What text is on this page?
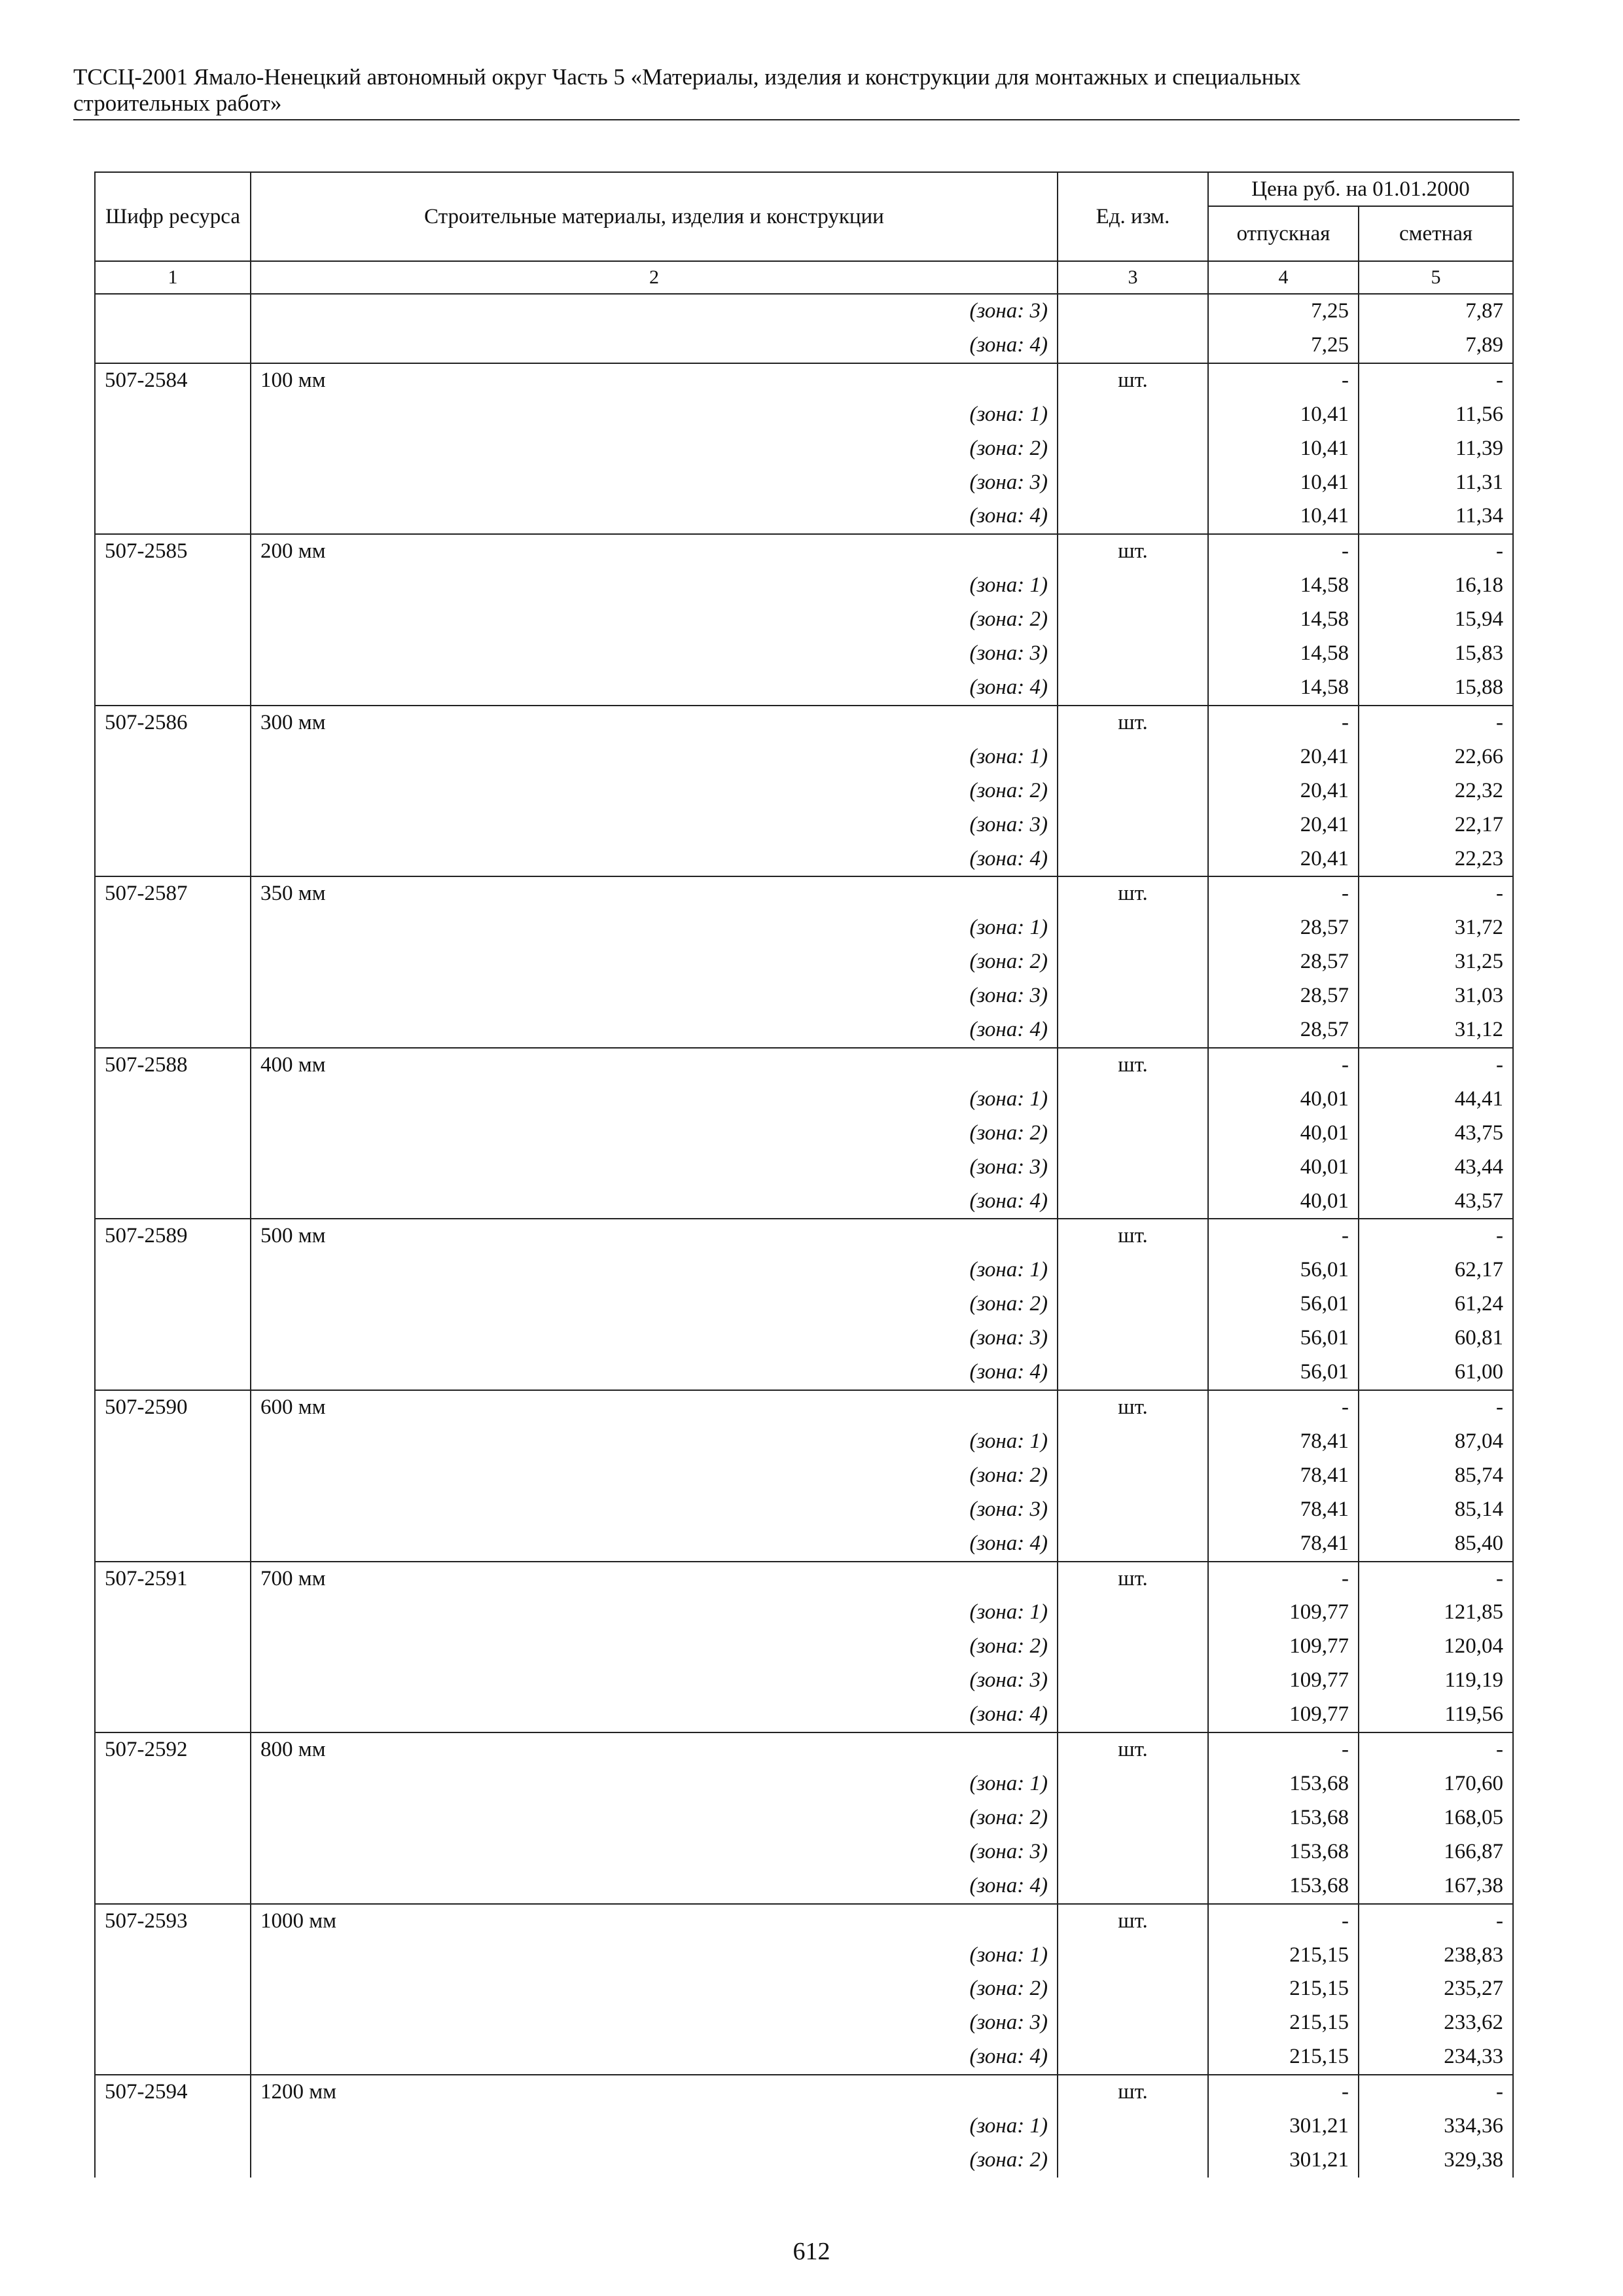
ТССЦ-2001 Ямало-Ненецкий автономный округ Часть 5 «Материалы, изделия и конструкции для монтажных и специальных
строительных работ»
Шифр ресурса	Строительные материалы, изделия и конструкции	Ед. изм.	Цена руб. на 01.01.2000	
			отпускная	сметная
1	2	3	4	5
	(зона: 3)		7,25	7,87
	(зона: 4)		7,25	7,89
507-2584	100 мм	шт.	-	-
	(зона: 1)		10,41	11,56
	(зона: 2)		10,41	11,39
	(зона: 3)		10,41	11,31
	(зона: 4)		10,41	11,34
507-2585	200 мм	шт.	-	-
	(зона: 1)		14,58	16,18
	(зона: 2)		14,58	15,94
	(зона: 3)		14,58	15,83
	(зона: 4)		14,58	15,88
507-2586	300 мм	шт.	-	-
	(зона: 1)		20,41	22,66
	(зона: 2)		20,41	22,32
	(зона: 3)		20,41	22,17
	(зона: 4)		20,41	22,23
507-2587	350 мм	шт.	-	-
	(зона: 1)		28,57	31,72
	(зона: 2)		28,57	31,25
	(зона: 3)		28,57	31,03
	(зона: 4)		28,57	31,12
507-2588	400 мм	шт.	-	-
	(зона: 1)		40,01	44,41
	(зона: 2)		40,01	43,75
	(зона: 3)		40,01	43,44
	(зона: 4)		40,01	43,57
507-2589	500 мм	шт.	-	-
	(зона: 1)		56,01	62,17
	(зона: 2)		56,01	61,24
	(зона: 3)		56,01	60,81
	(зона: 4)		56,01	61,00
507-2590	600 мм	шт.	-	-
	(зона: 1)		78,41	87,04
	(зона: 2)		78,41	85,74
	(зона: 3)		78,41	85,14
	(зона: 4)		78,41	85,40
507-2591	700 мм	шт.	-	-
	(зона: 1)		109,77	121,85
	(зона: 2)		109,77	120,04
	(зона: 3)		109,77	119,19
	(зона: 4)		109,77	119,56
507-2592	800 мм	шт.	-	-
	(зона: 1)		153,68	170,60
	(зона: 2)		153,68	168,05
	(зона: 3)		153,68	166,87
	(зона: 4)		153,68	167,38
507-2593	1000 мм	шт.	-	-
	(зона: 1)		215,15	238,83
	(зона: 2)		215,15	235,27
	(зона: 3)		215,15	233,62
	(зона: 4)		215,15	234,33
507-2594	1200 мм	шт.	-	-
	(зона: 1)		301,21	334,36
	(зона: 2)		301,21	329,38
612
